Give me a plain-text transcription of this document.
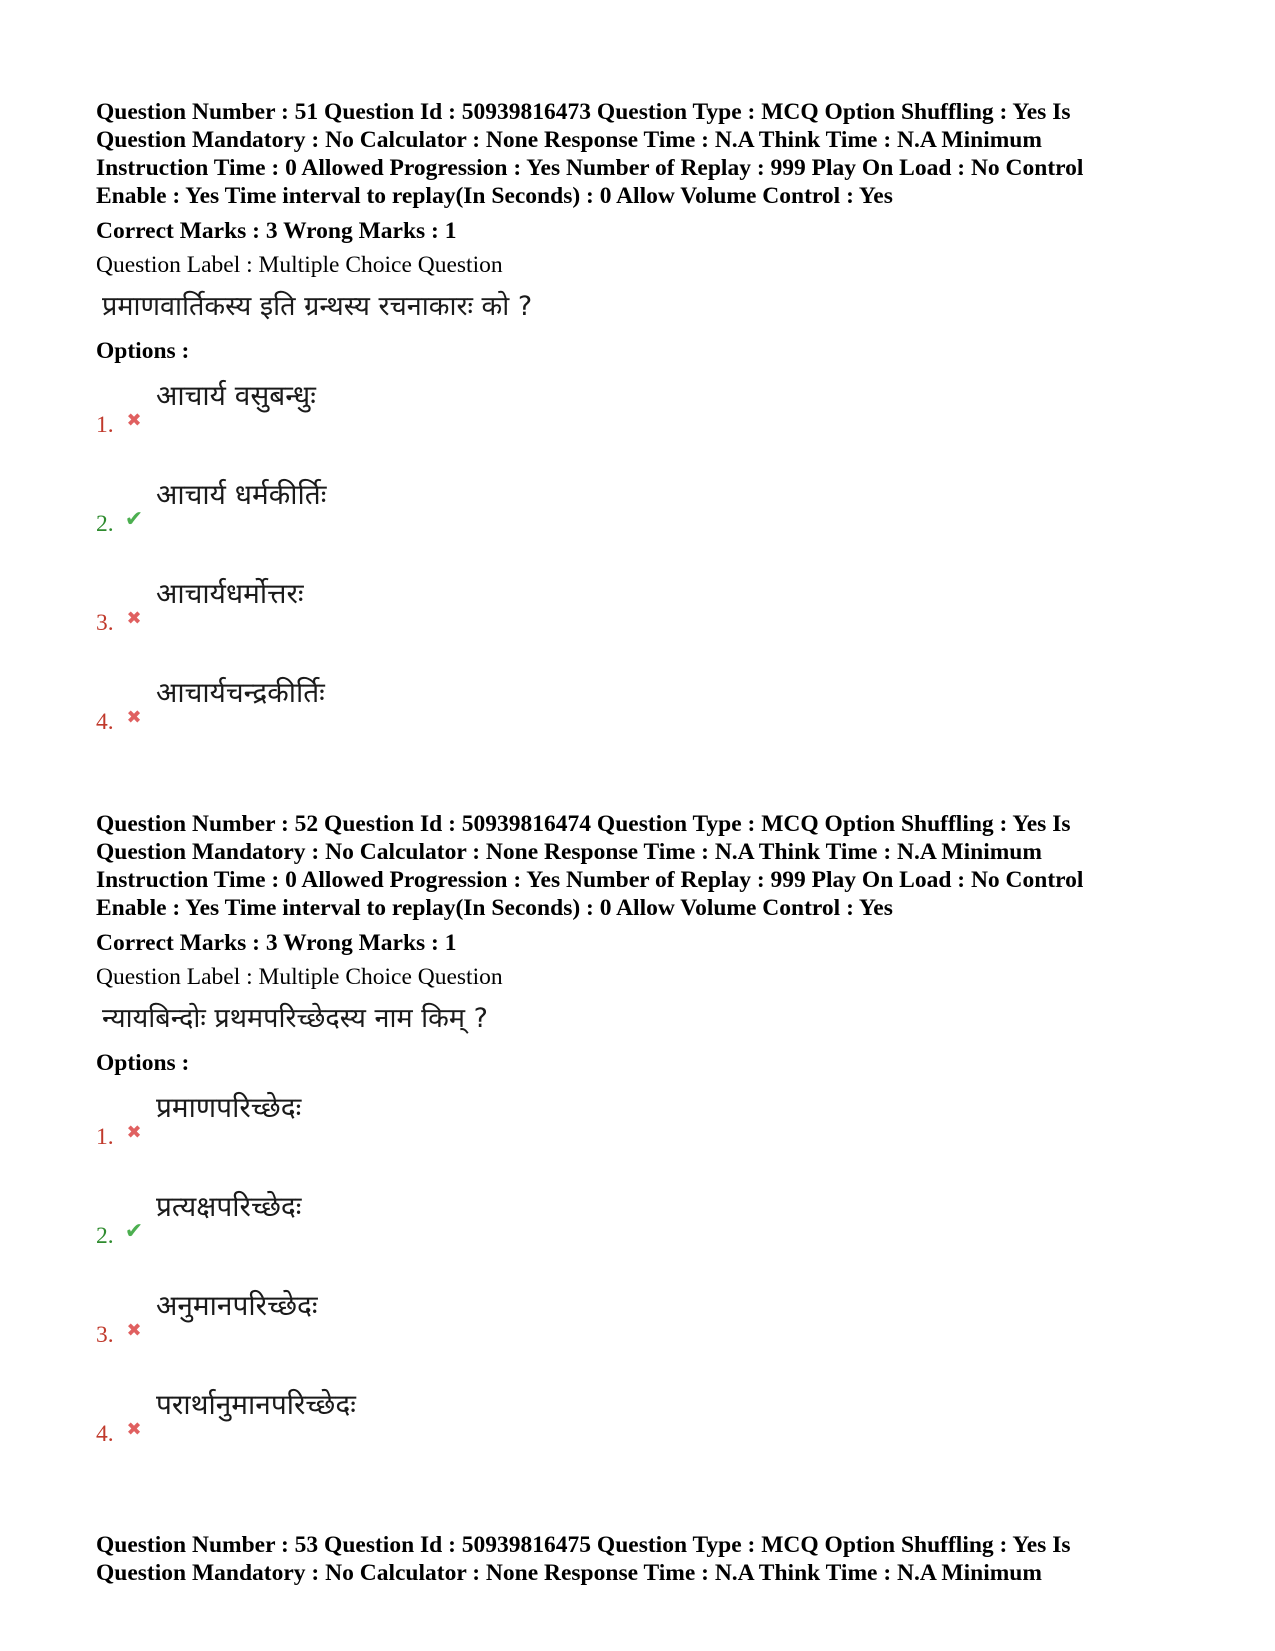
Question Number : 51 Question Id : 50939816473 Question Type : MCQ Option Shuffling : Yes Is
Question Mandatory : No Calculator : None Response Time : N.A Think Time : N.A Minimum
Instruction Time : 0 Allowed Progression : Yes Number of Replay : 999 Play On Load : No Control
Enable : Yes Time interval to replay(In Seconds) : 0 Allow Volume Control : Yes
Correct Marks : 3 Wrong Marks : 1
Question Label : Multiple Choice Question
प्रमाणवार्तिकस्य इति ग्रन्थस्य रचनाकारः को ?
Options :
1. ✖
आचार्य वसुबन्धुः
2. ✔
आचार्य धर्मकीर्तिः
3. ✖
आचार्यधर्मोत्तरः
4. ✖
आचार्यचन्द्रकीर्तिः
Question Number : 52 Question Id : 50939816474 Question Type : MCQ Option Shuffling : Yes Is
Question Mandatory : No Calculator : None Response Time : N.A Think Time : N.A Minimum
Instruction Time : 0 Allowed Progression : Yes Number of Replay : 999 Play On Load : No Control
Enable : Yes Time interval to replay(In Seconds) : 0 Allow Volume Control : Yes
Correct Marks : 3 Wrong Marks : 1
Question Label : Multiple Choice Question
न्यायबिन्दोः प्रथमपरिच्छेदस्य नाम किम् ?
Options :
1. ✖
प्रमाणपरिच्छेदः
2. ✔
प्रत्यक्षपरिच्छेदः
3. ✖
अनुमानपरिच्छेदः
4. ✖
परार्थानुमानपरिच्छेदः
Question Number : 53 Question Id : 50939816475 Question Type : MCQ Option Shuffling : Yes Is
Question Mandatory : No Calculator : None Response Time : N.A Think Time : N.A Minimum
